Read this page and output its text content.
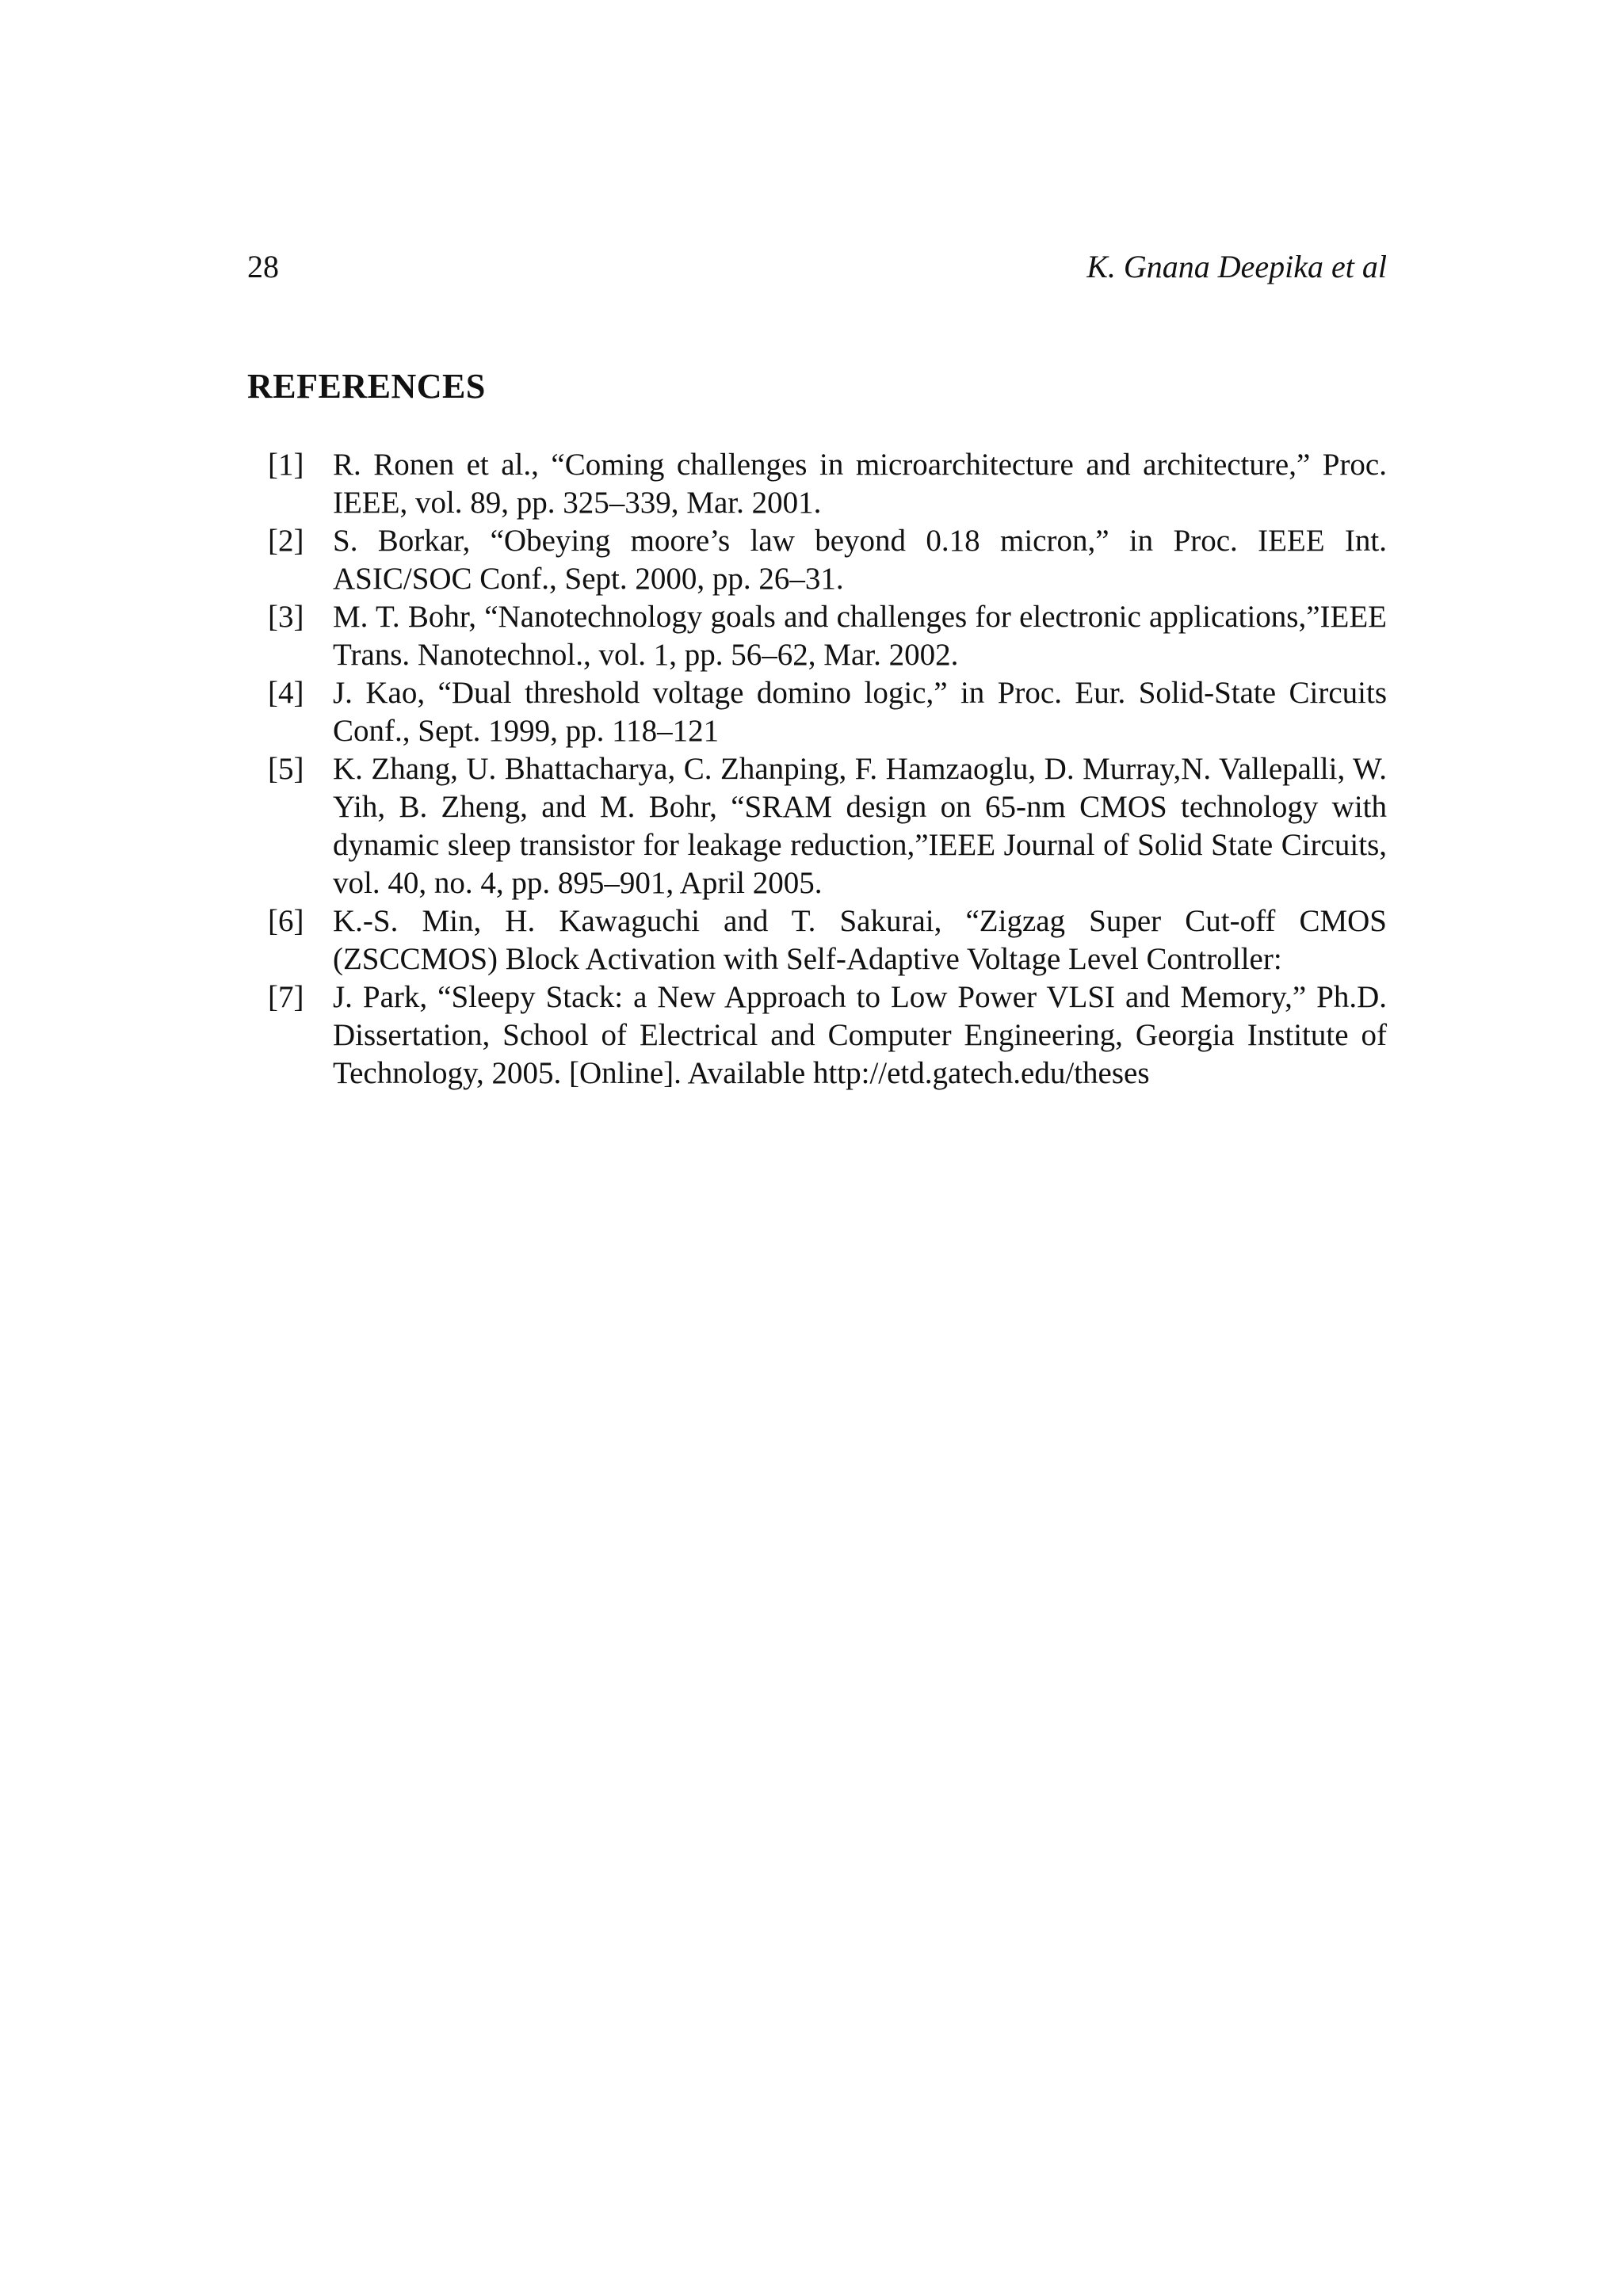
28	K. Gnana Deepika et al
REFERENCES
[1] R. Ronen et al., “Coming challenges in microarchitecture and architecture,” Proc. IEEE, vol. 89, pp. 325–339, Mar. 2001.
[2] S. Borkar, “Obeying moore’s law beyond 0.18 micron,” in Proc. IEEE Int. ASIC/SOC Conf., Sept. 2000, pp. 26–31.
[3] M. T. Bohr, “Nanotechnology goals and challenges for electronic applications,”IEEE Trans. Nanotechnol., vol. 1, pp. 56–62, Mar. 2002.
[4] J. Kao, “Dual threshold voltage domino logic,” in Proc. Eur. Solid-State Circuits Conf., Sept. 1999, pp. 118–121
[5] K. Zhang, U. Bhattacharya, C. Zhanping, F. Hamzaoglu, D. Murray,N. Vallepalli, W. Yih, B. Zheng, and M. Bohr, “SRAM design on 65-nm CMOS technology with dynamic sleep transistor for leakage reduction,”IEEE Journal of Solid State Circuits, vol. 40, no. 4, pp. 895–901, April 2005.
[6] K.-S. Min, H. Kawaguchi and T. Sakurai, “Zigzag Super Cut-off CMOS (ZSCCMOS) Block Activation with Self-Adaptive Voltage Level Controller:
[7] J. Park, “Sleepy Stack: a New Approach to Low Power VLSI and Memory,” Ph.D. Dissertation, School of Electrical and Computer Engineering, Georgia Institute of Technology, 2005. [Online]. Available http://etd.gatech.edu/theses
